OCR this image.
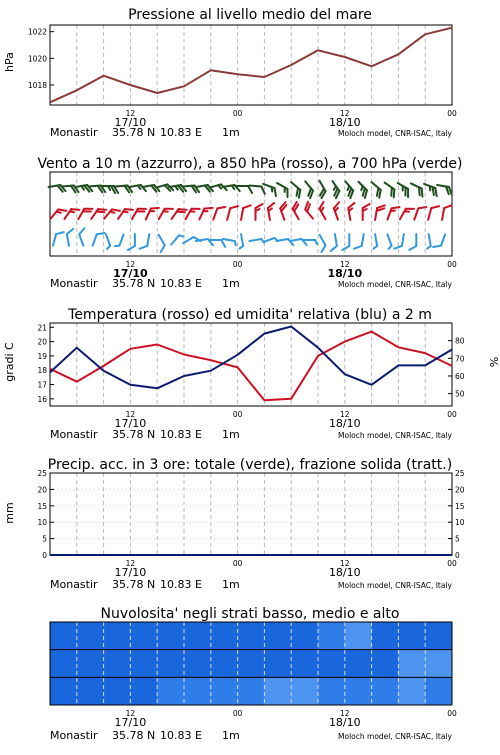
Pressione al livello medio del mare
hPa
Monastir 35.78 N 10.83 E 1m	Moloch model, CNR-ISAC, Italy
12	00	12	00
17/10	18/10
1018
1020
1022
Vento a 10 m (azzurro), a 850 hPa (rosso), a 700 hPa (verde)
Monastir 35.78 N 10.83 E 1m	Moloch model, CNR-ISAC, Italy
12	00	12	00
17/10	18/10
Temperatura (rosso) ed umidita' relativa (blu) a 2 m
gradi C	%
Monastir 35.78 N 10.83 E 1m	Moloch model, CNR-ISAC, Italy
12	00	12	00
17/10	18/10
16
17
18
19
20
21
50
60
70
80
Precip. acc. in 3 ore: totale (verde), frazione solida (tratt.)
mm
Monastir 35.78 N 10.83 E 1m	Moloch model, CNR-ISAC, Italy
12	00	12	00
17/10	18/10
0
5
10
15
20
25
0
5
10
15
20
25
Nuvolosita' negli strati basso, medio e alto
Monastir 35.78 N 10.83 E 1m	Moloch model, CNR-ISAC, Italy
12	00	12	00
17/10	18/10
